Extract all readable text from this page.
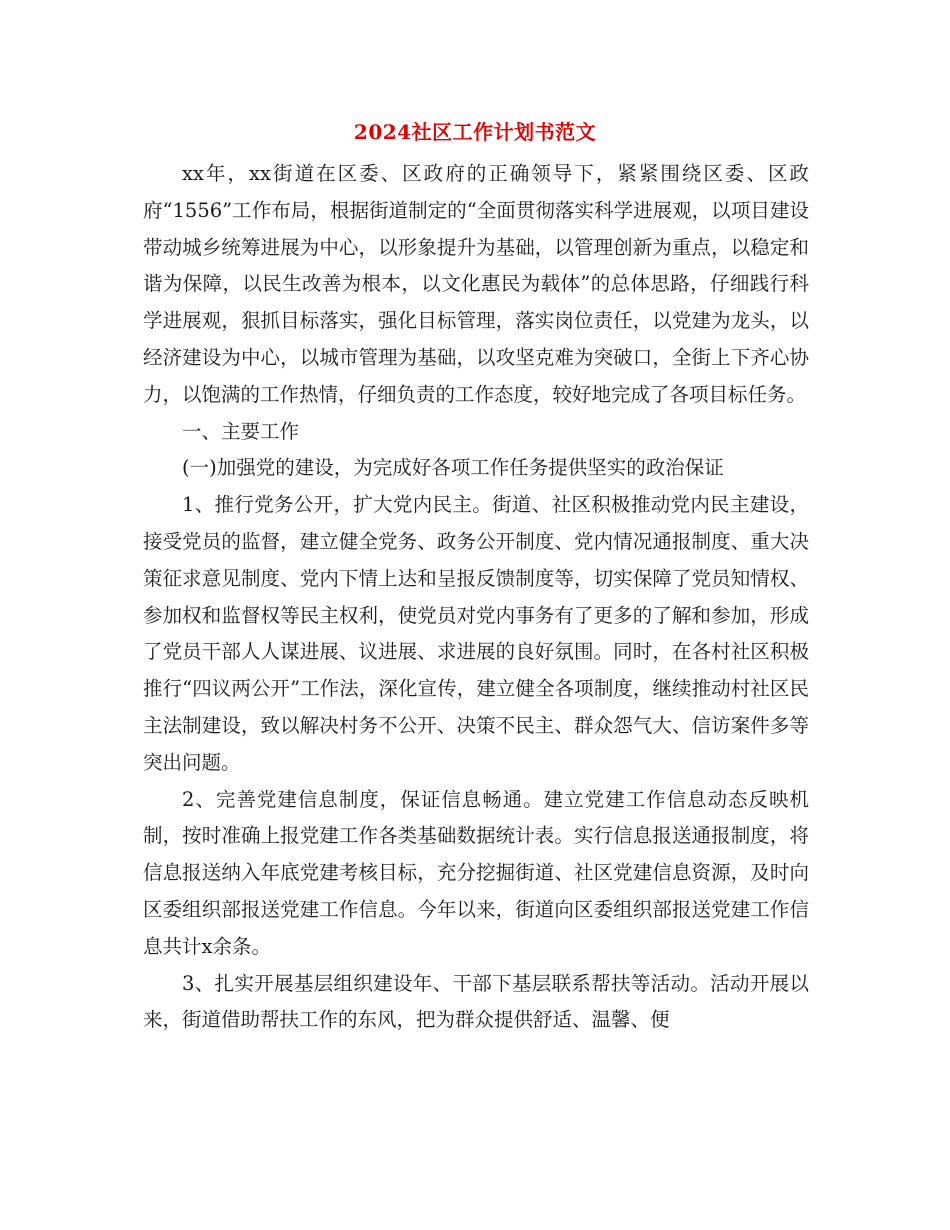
2024社区工作计划书范文

xx年，xx街道在区委、区政府的正确领导下，紧紧围绕区委、区政府“1556”工作布局，根据街道制定的“全面贯彻落实科学进展观，以项目建设带动城乡统筹进展为中心，以形象提升为基础，以管理创新为重点，以稳定和谐为保障，以民生改善为根本，以文化惠民为载体”的总体思路，仔细践行科学进展观，狠抓目标落实，强化目标管理，落实岗位责任，以党建为龙头，以经济建设为中心，以城市管理为基础，以攻坚克难为突破口，全街上下齐心协力，以饱满的工作热情，仔细负责的工作态度，较好地完成了各项目标任务。

一、主要工作

(一)加强党的建设，为完成好各项工作任务提供坚实的政治保证

1、推行党务公开，扩大党内民主。街道、社区积极推动党内民主建设，接受党员的监督，建立健全党务、政务公开制度、党内情况通报制度、重大决策征求意见制度、党内下情上达和呈报反馈制度等，切实保障了党员知情权、参加权和监督权等民主权利，使党员对党内事务有了更多的了解和参加，形成了党员干部人人谋进展、议进展、求进展的良好氛围。同时，在各村社区积极推行“四议两公开”工作法，深化宣传，建立健全各项制度，继续推动村社区民主法制建设，致以解决村务不公开、决策不民主、群众怨气大、信访案件多等突出问题。

2、完善党建信息制度，保证信息畅通。建立党建工作信息动态反映机制，按时准确上报党建工作各类基础数据统计表。实行信息报送通报制度，将信息报送纳入年底党建考核目标，充分挖掘街道、社区党建信息资源，及时向区委组织部报送党建工作信息。今年以来，街道向区委组织部报送党建工作信息共计x余条。

3、扎实开展基层组织建设年、干部下基层联系帮扶等活动。活动开展以来，街道借助帮扶工作的东风，把为群众提供舒适、温馨、便
